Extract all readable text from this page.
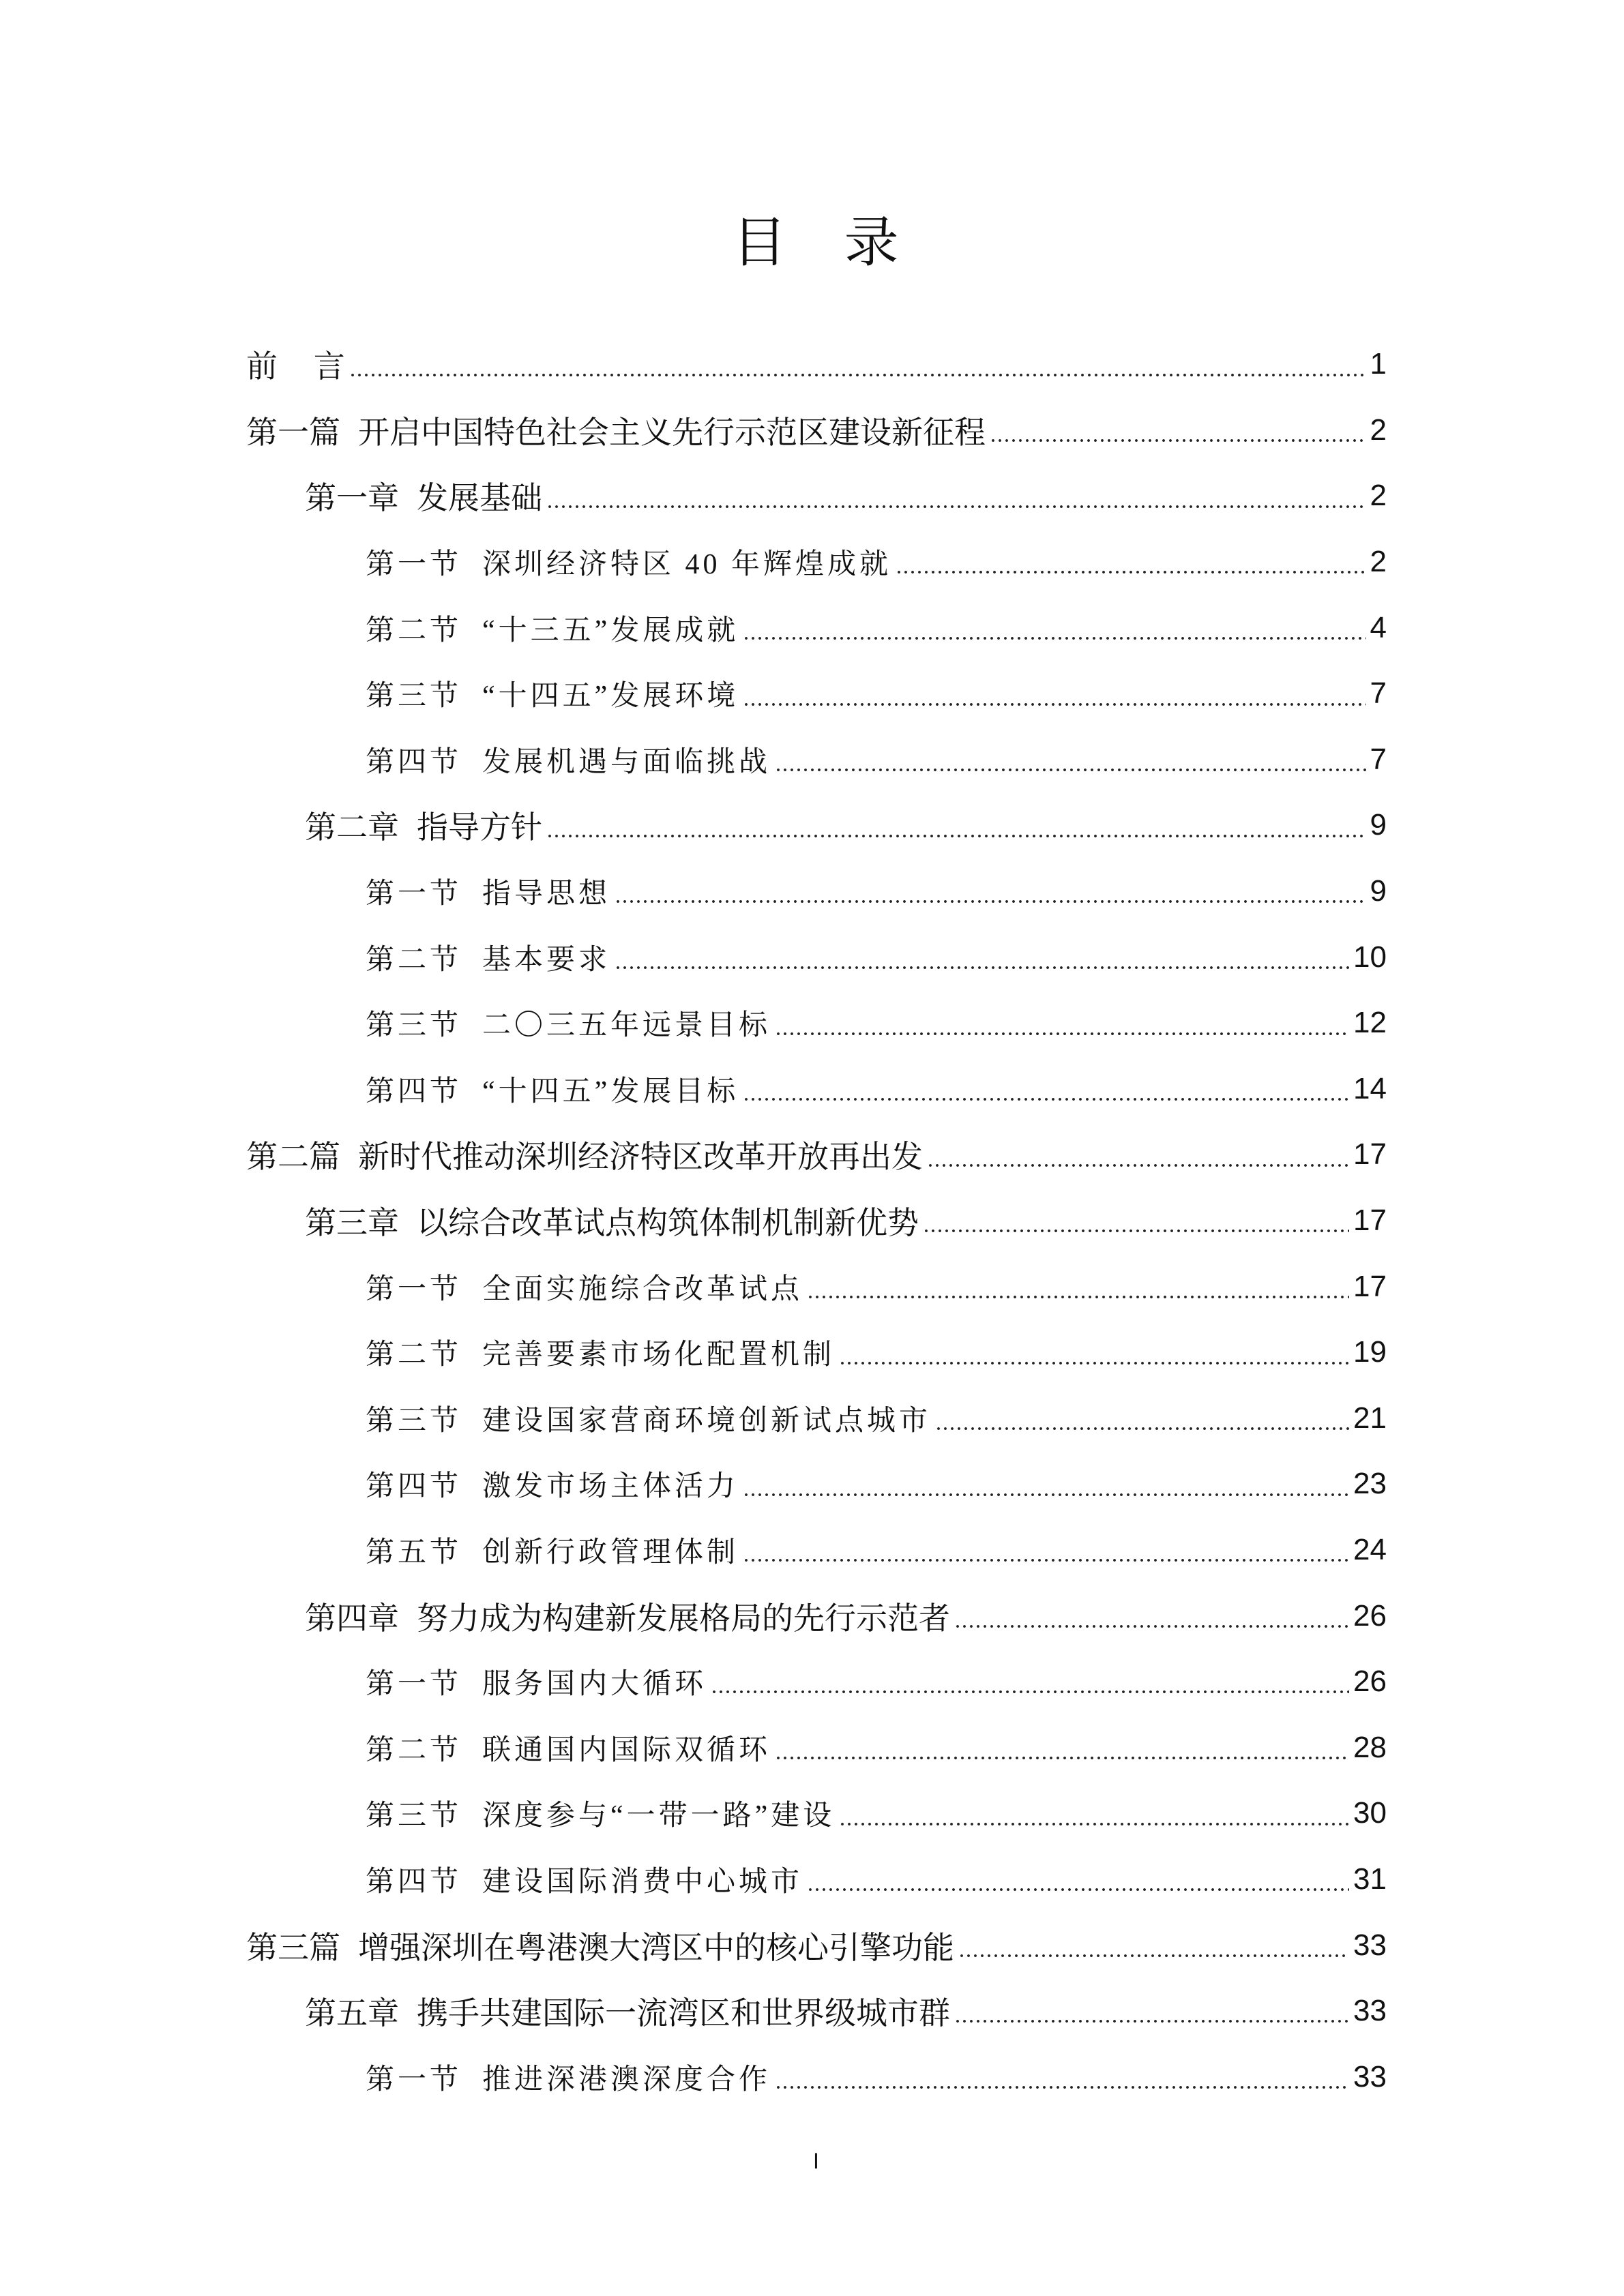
目 录
前 言	1
第一篇 开启中国特色社会主义先行示范区建设新征程	2
第一章 发展基础	2
第一节 深圳经济特区 40 年辉煌成就	2
第二节 “十三五”发展成就	4
第三节 “十四五”发展环境	7
第四节 发展机遇与面临挑战	7
第二章 指导方针	9
第一节 指导思想	9
第二节 基本要求	10
第三节 二〇三五年远景目标	12
第四节 “十四五”发展目标	14
第二篇 新时代推动深圳经济特区改革开放再出发	17
第三章 以综合改革试点构筑体制机制新优势	17
第一节 全面实施综合改革试点	17
第二节 完善要素市场化配置机制	19
第三节 建设国家营商环境创新试点城市	21
第四节 激发市场主体活力	23
第五节 创新行政管理体制	24
第四章 努力成为构建新发展格局的先行示范者	26
第一节 服务国内大循环	26
第二节 联通国内国际双循环	28
第三节 深度参与“一带一路”建设	30
第四节 建设国际消费中心城市	31
第三篇 增强深圳在粤港澳大湾区中的核心引擎功能	33
第五章 携手共建国际一流湾区和世界级城市群	33
第一节 推进深港澳深度合作	33
I
